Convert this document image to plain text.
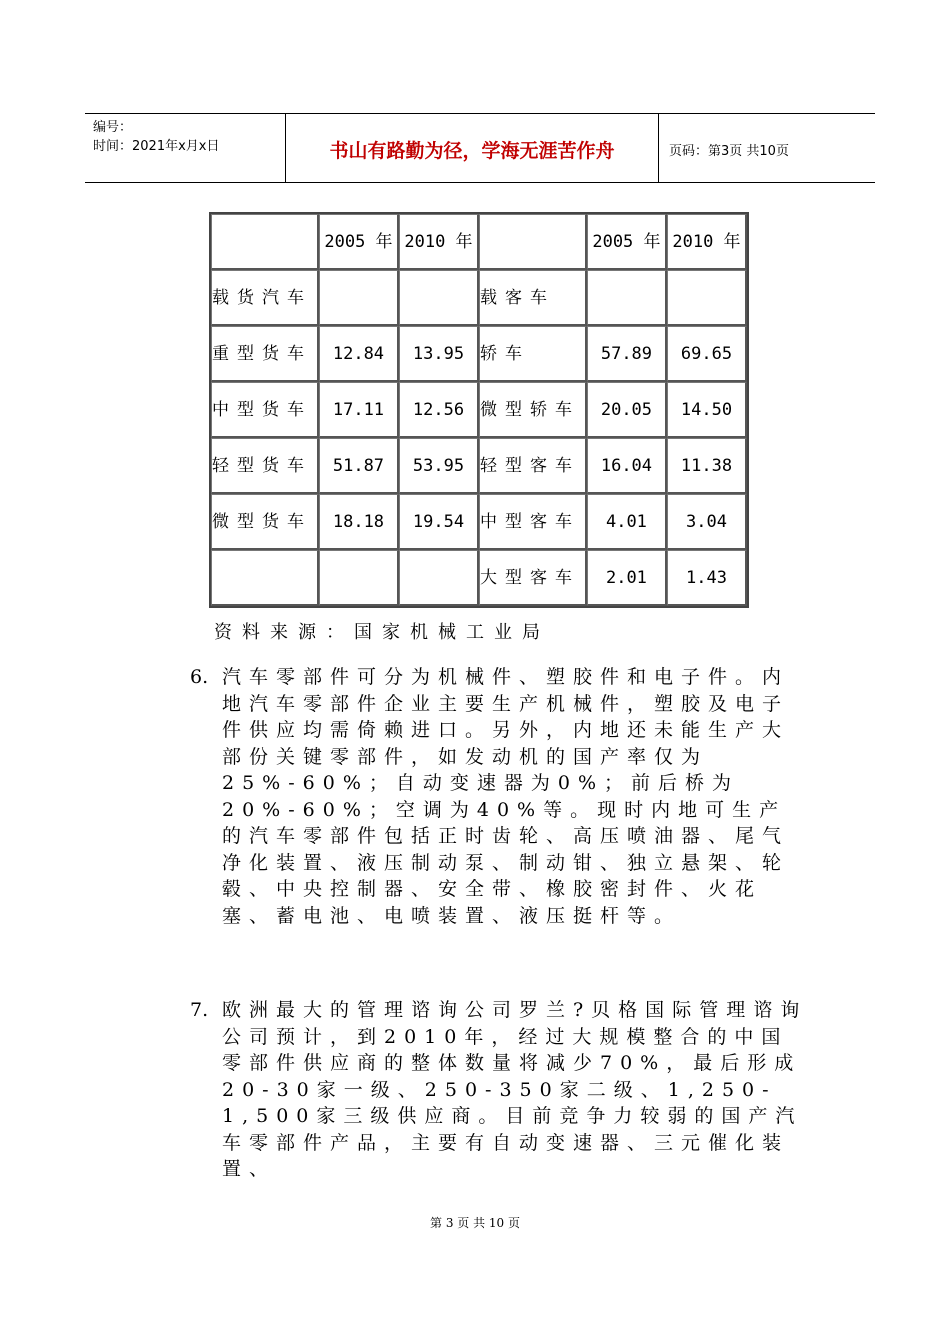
编号：
时间：2021年x月x日	书山有路勤为径，学海无涯苦作舟	页码：第3页 共10页
	2005 年	2010 年		2005 年	2010 年
载货汽车			载客车		
重型货车	12.84	13.95	轿车	57.89	69.65
中型货车	17.11	12.56	微型轿车	20.05	14.50
轻型货车	51.87	53.95	轻型客车	16.04	11.38
微型货车	18.18	19.54	中型客车	4.01	3.04
			大型客车	2.01	1.43
资料来源：国家机械工业局
6. 汽车零部件可分为机械件、塑胶件和电子件。内地汽车零部件企业主要生产机械件，塑胶及电子件供应均需倚赖进口。另外，内地还未能生产大部份关键零部件，如发动机的国产率仅为25%-60%；自动变速器为0%；前后桥为20%-60%；空调为40%等。现时内地可生产的汽车零部件包括正时齿轮、高压喷油器、尾气净化装置、液压制动泵、制动钳、独立悬架、轮毂、中央控制器、安全带、橡胶密封件、火花塞、蓄电池、电喷装置、液压挺杆等。
7. 欧洲最大的管理谘询公司罗兰?贝格国际管理谘询公司预计，到2010年，经过大规模整合的中国零部件供应商的整体数量将减少70%，最后形成20-30家一级、250-350家二级、1,250-1,500家三级供应商。目前竞争力较弱的国产汽车零部件产品，主要有自动变速器、三元催化装置、
第 3 页 共 10 页
